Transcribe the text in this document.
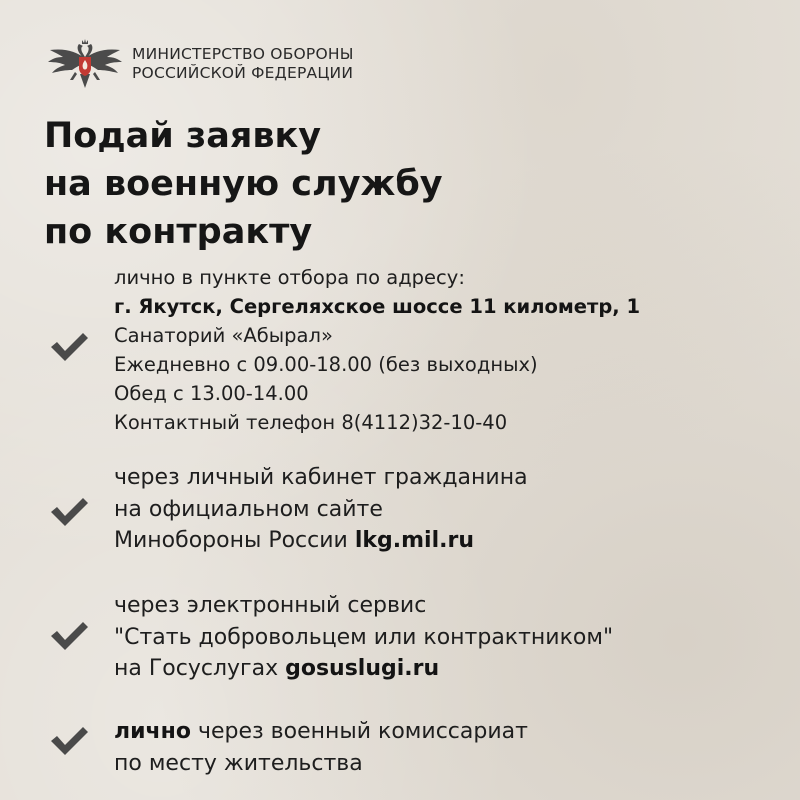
МИНИСТЕРСТВО ОБОРОНЫ
РОССИЙСКОЙ ФЕДЕРАЦИИ
Подай заявку
на военную службу
по контракту
лично в пункте отбора по адресу:
г. Якутск, Сергеляхское шоссе 11 километр, 1
Санаторий «Абырал»
Ежедневно с 09.00-18.00 (без выходных)
Обед с 13.00-14.00
Контактный телефон 8(4112)32-10-40
через личный кабинет гражданина
на официальном сайте
Минобороны России lkg.mil.ru
через электронный сервис
"Стать добровольцем или контрактником"
на Госуслугах gosuslugi.ru
лично через военный комиссариат
по месту жительства
